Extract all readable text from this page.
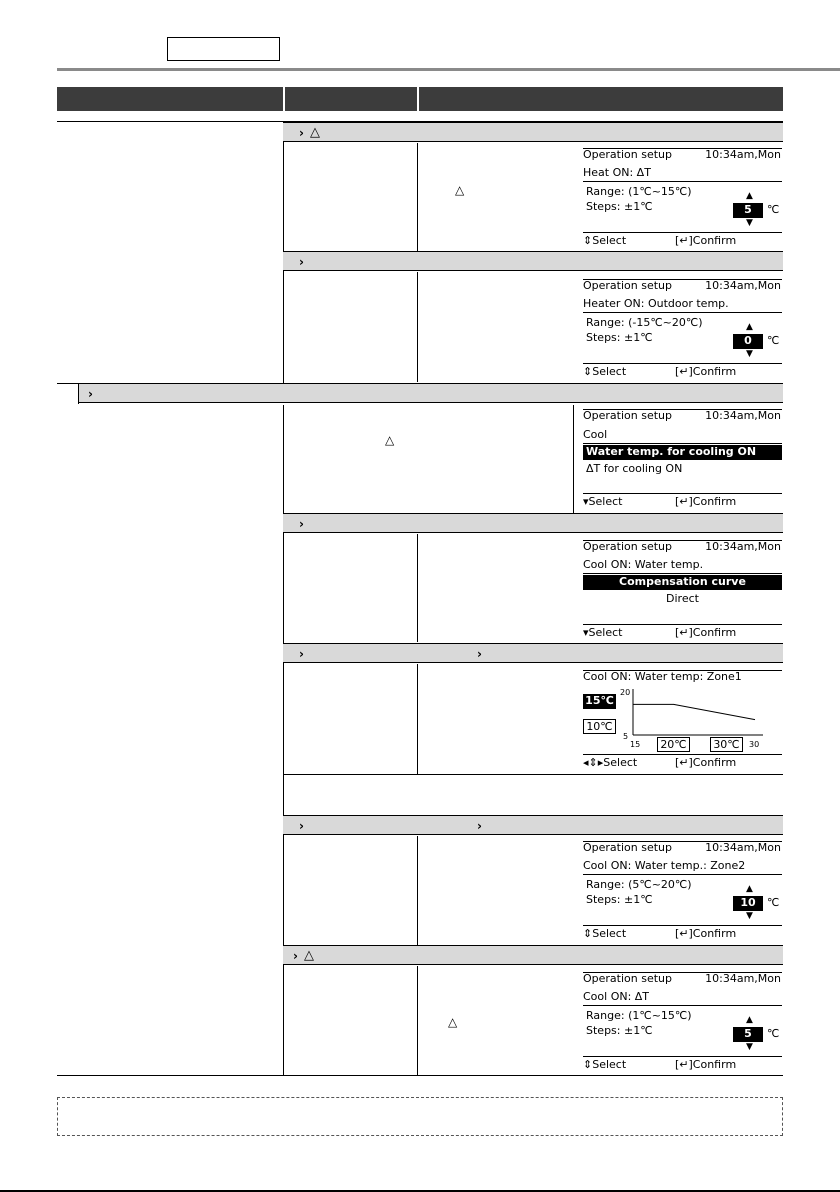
› △
△
Operation setup	10:34am,Mon
Heat ON: ΔT
Range: (1℃~15℃)
Steps: ±1℃
▲
5	℃
▼
⇕Select	[↵]Confirm
›
Operation setup	10:34am,Mon
Heater ON: Outdoor temp.
Range: (-15℃~20℃)
Steps: ±1℃
▲
0	℃
▼
⇕Select	[↵]Confirm
›
△
Operation setup	10:34am,Mon
Cool
Water temp. for cooling ON
ΔT for cooling ON
▾Select	[↵]Confirm
›
Operation setup	10:34am,Mon
Cool ON: Water temp.
Compensation curve
Direct
▾Select	[↵]Confirm
›	›
Cool ON: Water temp: Zone1
20
5
15	30
15℃
10℃
20℃	30℃
◂⇕▸Select	[↵]Confirm
›	›
Operation setup	10:34am,Mon
Cool ON: Water temp.: Zone2
Range: (5℃~20℃)
Steps: ±1℃
▲
10	℃
▼
⇕Select	[↵]Confirm
› △
△
Operation setup	10:34am,Mon
Cool ON: ΔT
Range: (1℃~15℃)
Steps: ±1℃
▲
5	℃
▼
⇕Select	[↵]Confirm
